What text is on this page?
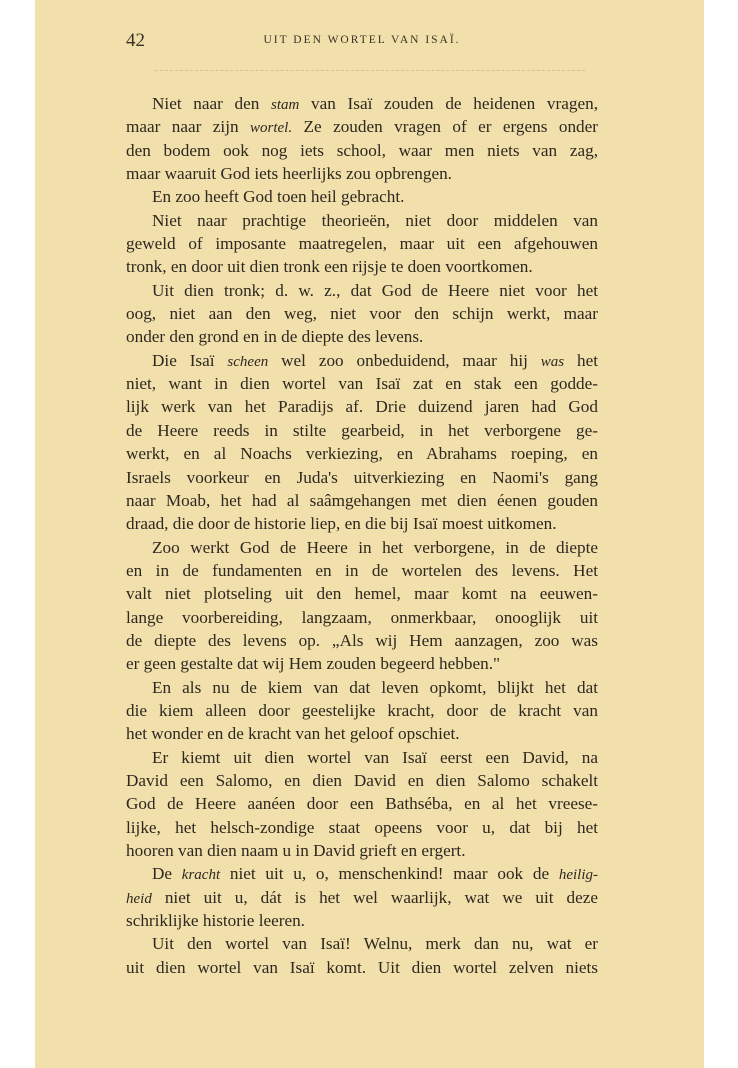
42	UIT DEN WORTEL VAN ISAÏ.
Niet naar den stam van Isaï zouden de heidenen vragen,
maar naar zijn wortel. Ze zouden vragen of er ergens onder
den bodem ook nog iets school, waar men niets van zag,
maar waaruit God iets heerlijks zou opbrengen.
En zoo heeft God toen heil gebracht.
Niet naar prachtige theorieën, niet door middelen van
geweld of imposante maatregelen, maar uit een afgehouwen
tronk, en door uit dien tronk een rijsje te doen voortkomen.
Uit dien tronk; d. w. z., dat God de Heere niet voor het
oog, niet aan den weg, niet voor den schijn werkt, maar
onder den grond en in de diepte des levens.
Die Isaï scheen wel zoo onbeduidend, maar hij was het
niet, want in dien wortel van Isaï zat en stak een godde-
lijk werk van het Paradijs af. Drie duizend jaren had God
de Heere reeds in stilte gearbeid, in het verborgene ge-
werkt, en al Noachs verkiezing, en Abrahams roeping, en
Israels voorkeur en Juda's uitverkiezing en Naomi's gang
naar Moab, het had al saâmgehangen met dien éenen gouden
draad, die door de historie liep, en die bij Isaï moest uitkomen.
Zoo werkt God de Heere in het verborgene, in de diepte
en in de fundamenten en in de wortelen des levens. Het
valt niet plotseling uit den hemel, maar komt na eeuwen-
lange voorbereiding, langzaam, onmerkbaar, onooglijk uit
de diepte des levens op. „Als wij Hem aanzagen, zoo was
er geen gestalte dat wij Hem zouden begeerd hebben."
En als nu de kiem van dat leven opkomt, blijkt het dat
die kiem alleen door geestelijke kracht, door de kracht van
het wonder en de kracht van het geloof opschiet.
Er kiemt uit dien wortel van Isaï eerst een David, na
David een Salomo, en dien David en dien Salomo schakelt
God de Heere aanéen door een Bathséba, en al het vreese-
lijke, het helsch-zondige staat opeens voor u, dat bij het
hooren van dien naam u in David grieft en ergert.
De kracht niet uit u, o, menschenkind! maar ook de heilig-
heid niet uit u, dát is het wel waarlijk, wat we uit deze
schriklijke historie leeren.
Uit den wortel van Isaï! Welnu, merk dan nu, wat er
uit dien wortel van Isaï komt. Uit dien wortel zelven niets
